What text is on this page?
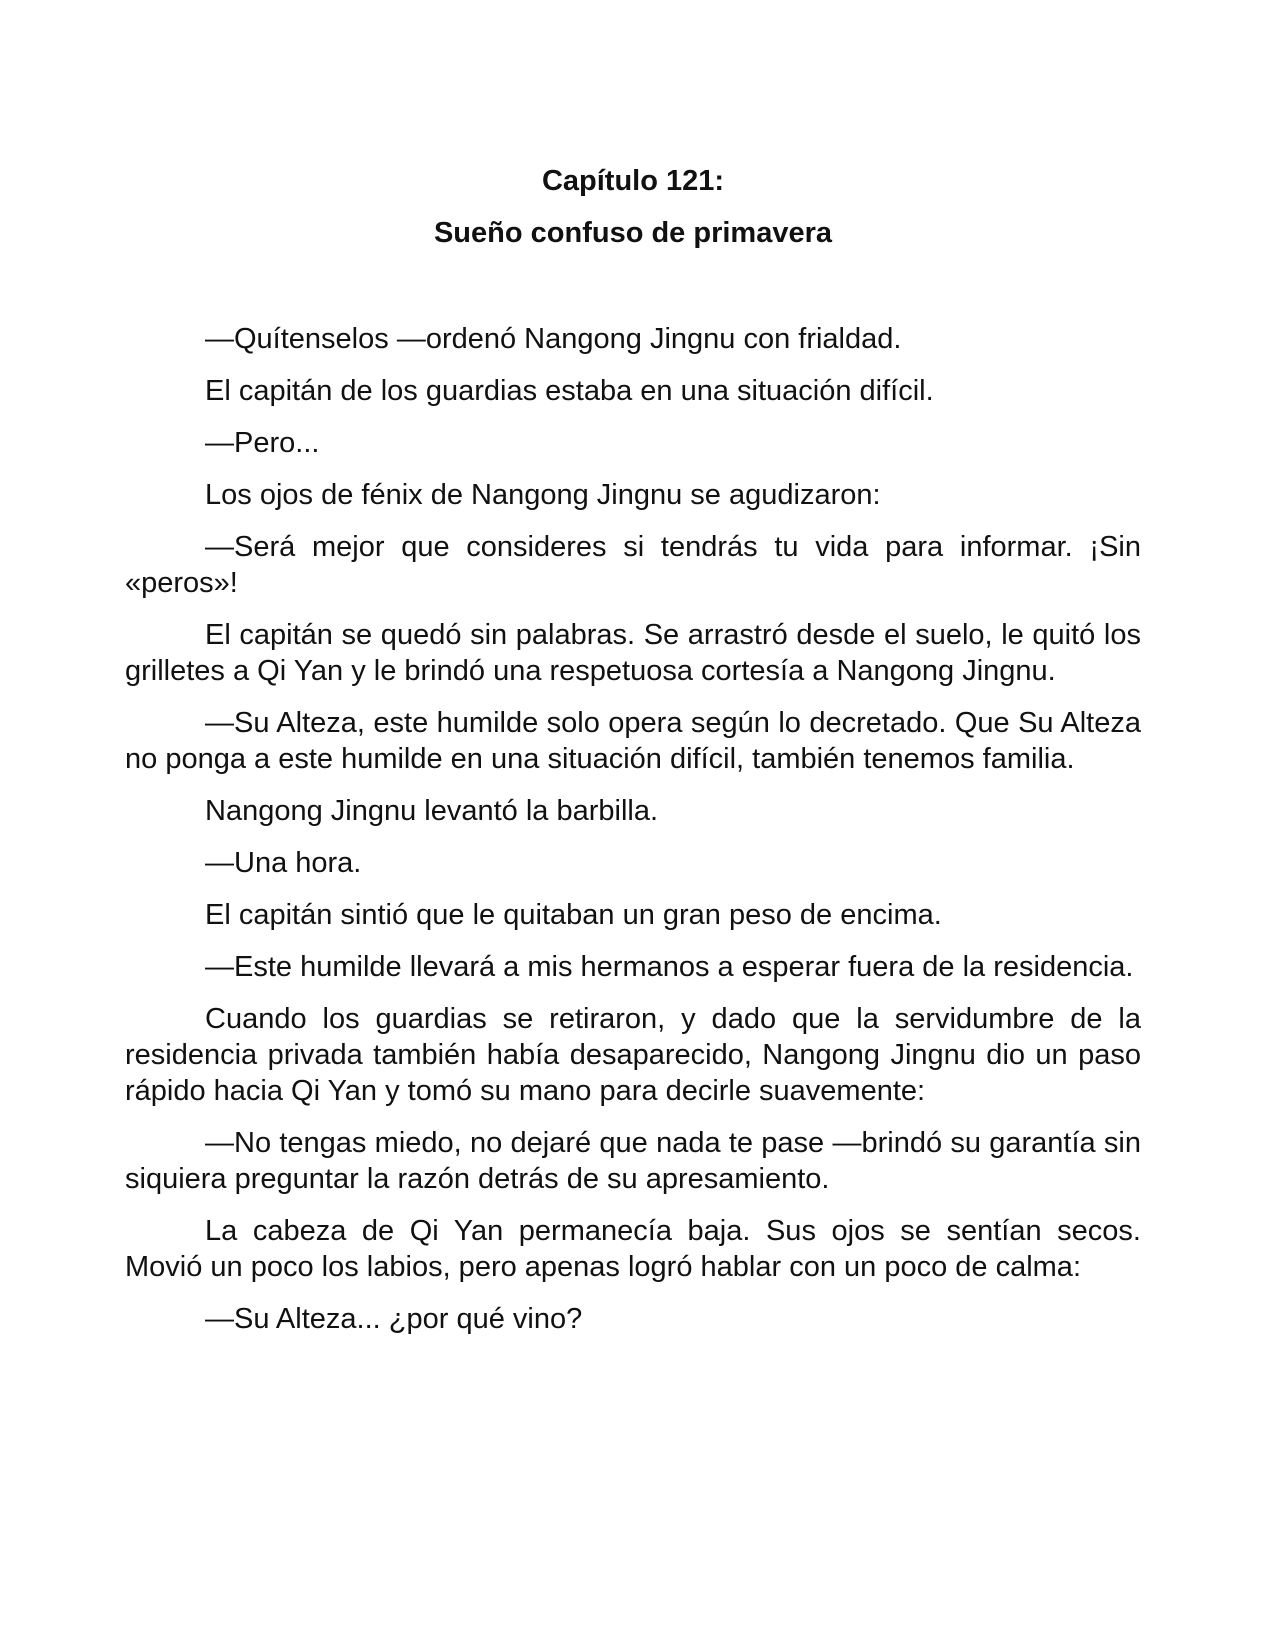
Capítulo 121:

Sueño confuso de primavera

—Quítenselos —ordenó Nangong Jingnu con frialdad.

El capitán de los guardias estaba en una situación difícil.

—Pero...

Los ojos de fénix de Nangong Jingnu se agudizaron:

—Será mejor que consideres si tendrás tu vida para informar. ¡Sin «peros»!

El capitán se quedó sin palabras. Se arrastró desde el suelo, le quitó los grilletes a Qi Yan y le brindó una respetuosa cortesía a Nangong Jingnu.

—Su Alteza, este humilde solo opera según lo decretado. Que Su Alteza no ponga a este humilde en una situación difícil, también tenemos familia.

Nangong Jingnu levantó la barbilla.

—Una hora.

El capitán sintió que le quitaban un gran peso de encima.

—Este humilde llevará a mis hermanos a esperar fuera de la residencia.

Cuando los guardias se retiraron, y dado que la servidumbre de la residencia privada también había desaparecido, Nangong Jingnu dio un paso rápido hacia Qi Yan y tomó su mano para decirle suavemente:

—No tengas miedo, no dejaré que nada te pase —brindó su garantía sin siquiera preguntar la razón detrás de su apresamiento.

La cabeza de Qi Yan permanecía baja. Sus ojos se sentían secos. Movió un poco los labios, pero apenas logró hablar con un poco de calma:

—Su Alteza... ¿por qué vino?
